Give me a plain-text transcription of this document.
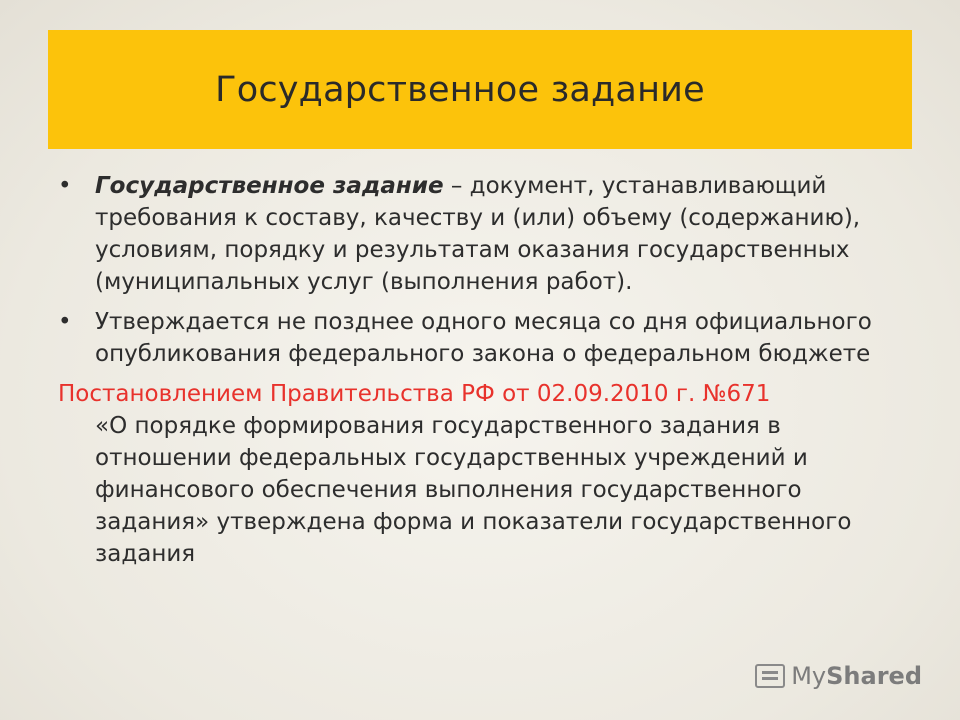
Государственное задание
• Государственное задание – документ, устанавливающий требования к составу, качеству и (или) объему (содержанию), условиям, порядку и результатам оказания государственных (муниципальных услуг (выполнения работ).
• Утверждается не позднее одного месяца со дня официального опубликования федерального закона о федеральном бюджете
Постановлением Правительства РФ от 02.09.2010 г. №671
«О порядке формирования государственного задания в отношении федеральных государственных учреждений и финансового обеспечения выполнения государственного задания» утверждена форма и показатели государственного задания
MyShared
